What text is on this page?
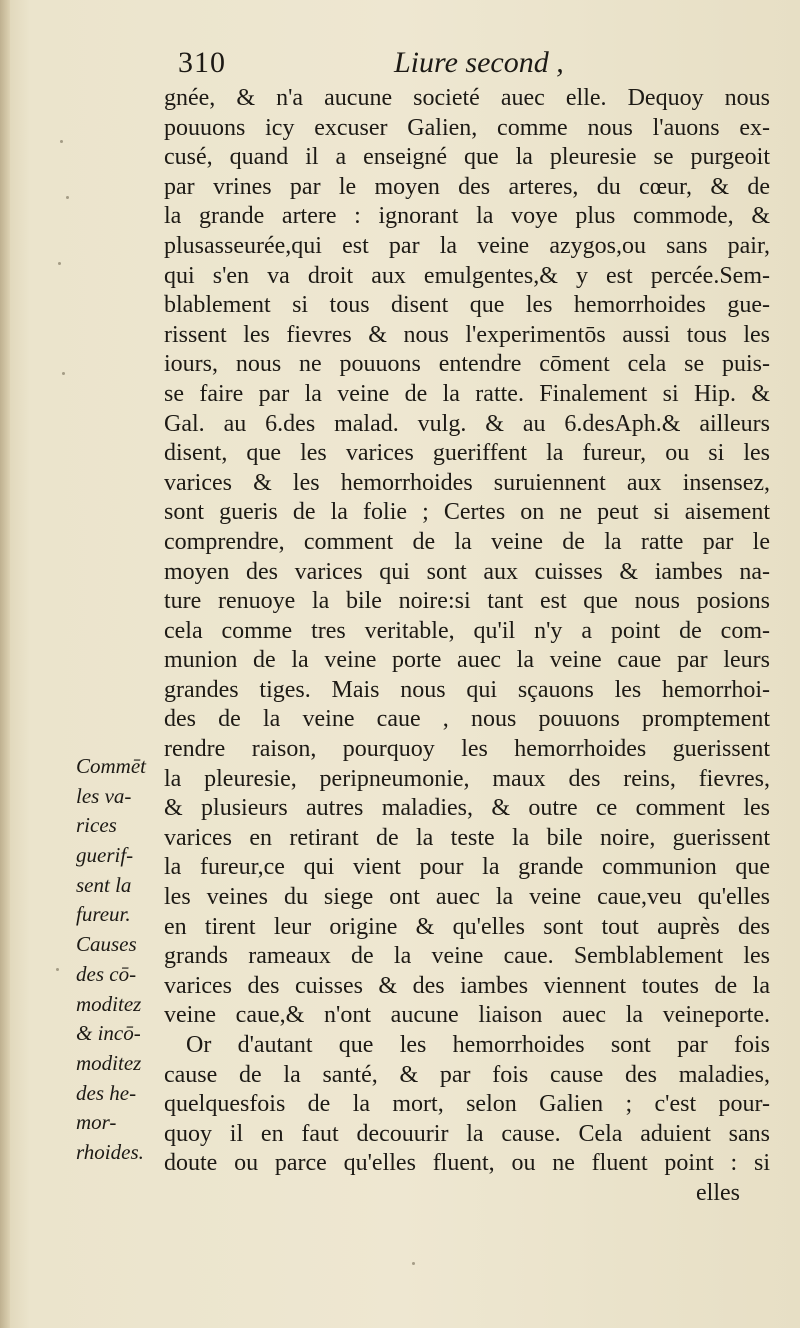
310	Liure second ,
gnée, & n'a aucune societé auec elle. Dequoy nous
pouuons icy excuser Galien, comme nous l'auons ex-
cusé, quand il a enseigné que la pleuresie se purgeoit
par vrines par le moyen des arteres, du cœur, & de
la grande artere : ignorant la voye plus commode, &
plusasseurée,qui est par la veine azygos,ou sans pair,
qui s'en va droit aux emulgentes,& y est percée.Sem-
blablement si tous disent que les hemorrhoides gue-
rissent les fievres & nous l'experimentōs aussi tous les
iours, nous ne pouuons entendre cōment cela se puis-
se faire par la veine de la ratte. Finalement si Hip. &
Gal. au 6.des malad. vulg. & au 6.desAph.& ailleurs
disent, que les varices gueriffent la fureur, ou si les
varices & les hemorrhoides suruiennent aux insensez,
sont gueris de la folie ; Certes on ne peut si aisement
comprendre, comment de la veine de la ratte par le
moyen des varices qui sont aux cuisses & iambes na-
ture renuoye la bile noire:si tant est que nous posions
cela comme tres veritable, qu'il n'y a point de com-
munion de la veine porte auec la veine caue par leurs
grandes tiges. Mais nous qui sçauons les hemorrhoi-
des de la veine caue , nous pouuons promptement
rendre raison, pourquoy les hemorrhoides guerissent
la pleuresie, peripneumonie, maux des reins, fievres,
& plusieurs autres maladies, & outre ce comment les
varices en retirant de la teste la bile noire, guerissent
la fureur,ce qui vient pour la grande communion que
les veines du siege ont auec la veine caue,veu qu'elles
en tirent leur origine & qu'elles sont tout auprès des
grands rameaux de la veine caue. Semblablement les
varices des cuisses & des iambes viennent toutes de la
veine caue,& n'ont aucune liaison auec la veineporte.
Or d'autant que les hemorrhoides sont par fois
cause de la santé, & par fois cause des maladies,
quelquesfois de la mort, selon Galien ; c'est pour-
quoy il en faut decouurir la cause. Cela aduient sans
doute ou parce qu'elles fluent, ou ne fluent point : si
elles
Commēt
les va-
rices
guerif-
sent la
fureur.
Causes
des cō-
moditez
& incō-
moditez
des he-
mor-
rhoides.
